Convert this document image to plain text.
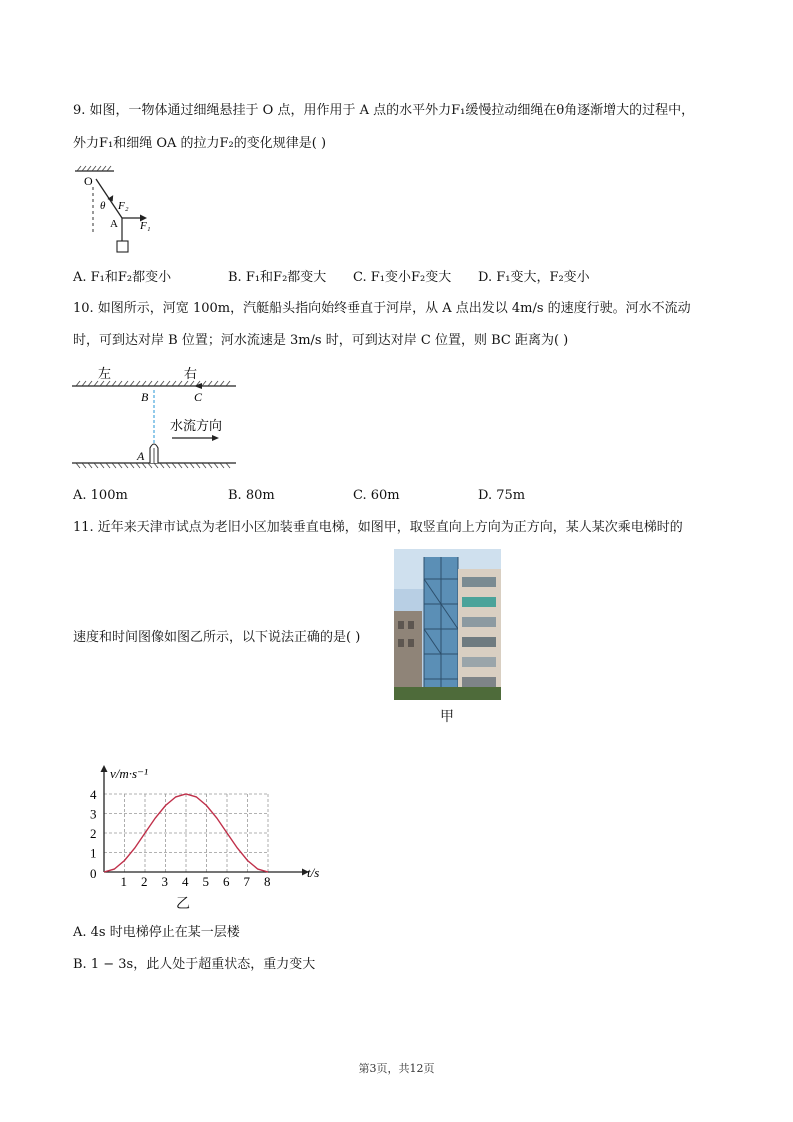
9. 如图，一物体通过细绳悬挂于 O 点，用作用于 A 点的水平外力F₁缓慢拉动细绳在θ角逐渐增大的过程中，
外力F₁和细绳 OA 的拉力F₂的变化规律是( )
O
θ F₂
A F₁
A. F₁和F₂都变小	B. F₁和F₂都变大 C. F₁变小F₂变大 D. F₁变大，F₂变小
10. 如图所示，河宽 100m，汽艇船头指向始终垂直于河岸，从 A 点出发以 4m/s 的速度行驶。河水不流动
时，可到达对岸 B 位置；河水流速是 3m/s 时，可到达对岸 C 位置，则 BC 距离为( )
左	右
B	C
A
水流方向
A. 100m	B. 80m	C. 60m	D. 75m
11. 近年来天津市试点为老旧小区加装垂直电梯，如图甲，取竖直向上方向为正方向，某人某次乘电梯时的
速度和时间图像如图乙所示，以下说法正确的是( )
甲
1 2 3 4 5 6 7 8
1
2
3
4
v/m·s⁻¹
t/s
0
乙
A. 4s 时电梯停止在某一层楼
B. 1 − 3s，此人处于超重状态，重力变大
第3页，共12页
